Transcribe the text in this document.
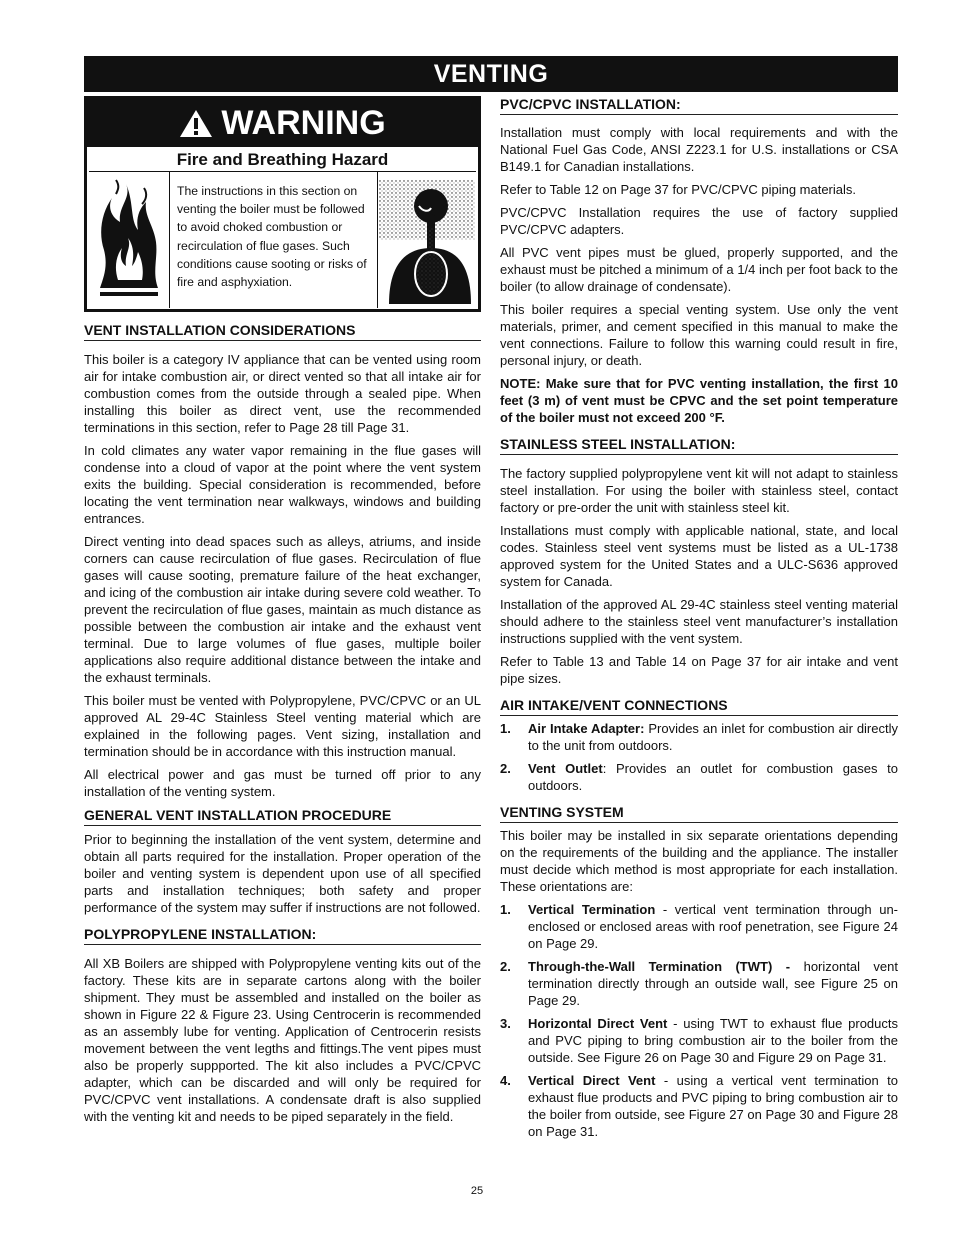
VENTING
WARNING
Fire and Breathing Hazard
The instructions in this section on venting the boiler must be followed to avoid choked combustion or recirculation of flue gases. Such conditions cause sooting or risks of fire and asphyxiation.
VENT INSTALLATION CONSIDERATIONS

This boiler is a category IV appliance that can be vented using room air for intake combustion air, or direct vented so that all intake air for combustion comes from the outside through a sealed pipe. When installing this boiler as direct vent, use the recommended terminations in this section, refer to Page 28 till Page 31.

In cold climates any water vapor remaining in the flue gases will condense into a cloud of vapor at the point where the vent system exits the building. Special consideration is recommended, before locating the vent termination near walkways, windows and building entrances.

Direct venting into dead spaces such as alleys, atriums, and inside corners can cause recirculation of flue gases. Recirculation of flue gases will cause sooting, premature failure of the heat exchanger, and icing of the combustion air intake during severe cold weather. To prevent the recirculation of flue gases, maintain as much distance as possible between the combustion air intake and the exhaust vent terminal. Due to large volumes of flue gases, multiple boiler applications also require additional distance between the intake and the exhaust terminals.

This boiler must be vented with Polypropylene, PVC/CPVC or an UL approved AL 29-4C Stainless Steel venting material which are explained in the following pages. Vent sizing, installation and termination should be in accordance with this instruction manual.

All electrical power and gas must be turned off prior to any installation of the venting system.

GENERAL VENT INSTALLATION PROCEDURE

Prior to beginning the installation of the vent system, determine and obtain all parts required for the installation. Proper operation of the boiler and venting system is dependent upon use of all specified parts and installation techniques; both safety and proper performance of the system may suffer if instructions are not followed.

POLYPROPYLENE INSTALLATION:

All XB Boilers are shipped with Polypropylene venting kits out of the factory. These kits are in separate cartons along with the boiler shipment. They must be assembled and installed on the boiler as shown in Figure 22 & Figure 23. Using Centrocerin is recommended as an assembly lube for venting. Application of Centrocerin resists movement between the vent legths and fittings.The vent pipes must also be properly suppported. The kit also includes a PVC/CPVC adapter, which can be discarded and will only be required for PVC/CPVC vent installations. A condensate draft is also supplied with the venting kit and needs to be piped separately in the field.

PVC/CPVC INSTALLATION:

Installation must comply with local requirements and with the National Fuel Gas Code, ANSI Z223.1 for U.S. installations or CSA B149.1 for Canadian installations.

Refer to Table 12 on Page 37 for PVC/CPVC piping materials.

PVC/CPVC Installation requires the use of factory supplied PVC/CPVC adapters.

All PVC vent pipes must be glued, properly supported, and the exhaust must be pitched a minimum of a 1/4 inch per foot back to the boiler (to allow drainage of condensate).

This boiler requires a special venting system. Use only the vent materials, primer, and cement specified in this manual to make the vent connections. Failure to follow this warning could result in fire, personal injury, or death.

NOTE: Make sure that for PVC venting installation, the first 10 feet (3 m) of vent must be CPVC and the set point temperature of the boiler must not exceed 200 °F.

STAINLESS STEEL INSTALLATION:

The factory supplied polypropylene vent kit will not adapt to stainless steel installation. For using the boiler with stainless steel, contact factory or pre-order the unit with stainless steel kit.

Installations must comply with applicable national, state, and local codes. Stainless steel vent systems must be listed as a UL-1738 approved system for the United States and a ULC-S636 approved system for Canada.

Installation of the approved AL 29-4C stainless steel venting material should adhere to the stainless steel vent manufacturer’s installation instructions supplied with the vent system.

Refer to Table 13 and Table 14 on Page 37 for air intake and vent pipe sizes.

AIR INTAKE/VENT CONNECTIONS
1. Air Intake Adapter: Provides an inlet for combustion air directly to the unit from outdoors.
2. Vent Outlet: Provides an outlet for combustion gases to outdoors.
VENTING SYSTEM

This boiler may be installed in six separate orientations depending on the requirements of the building and the appliance. The installer must decide which method is most appropriate for each installation. These orientations are:

1. Vertical Termination - vertical vent termination through un-enclosed or enclosed areas with roof penetration, see Figure 24 on Page 29.
2. Through-the-Wall Termination (TWT) - horizontal vent termination directly through an outside wall, see Figure 25 on Page 29.
3. Horizontal Direct Vent - using TWT to exhaust flue products and PVC piping to bring combustion air to the boiler from the outside. See Figure 26 on Page 30 and Figure 29 on Page 31.
4. Vertical Direct Vent - using a vertical vent termination to exhaust flue products and PVC piping to bring combustion air to the boiler from outside, see Figure 27 on Page 30 and Figure 28 on Page 31.
25
